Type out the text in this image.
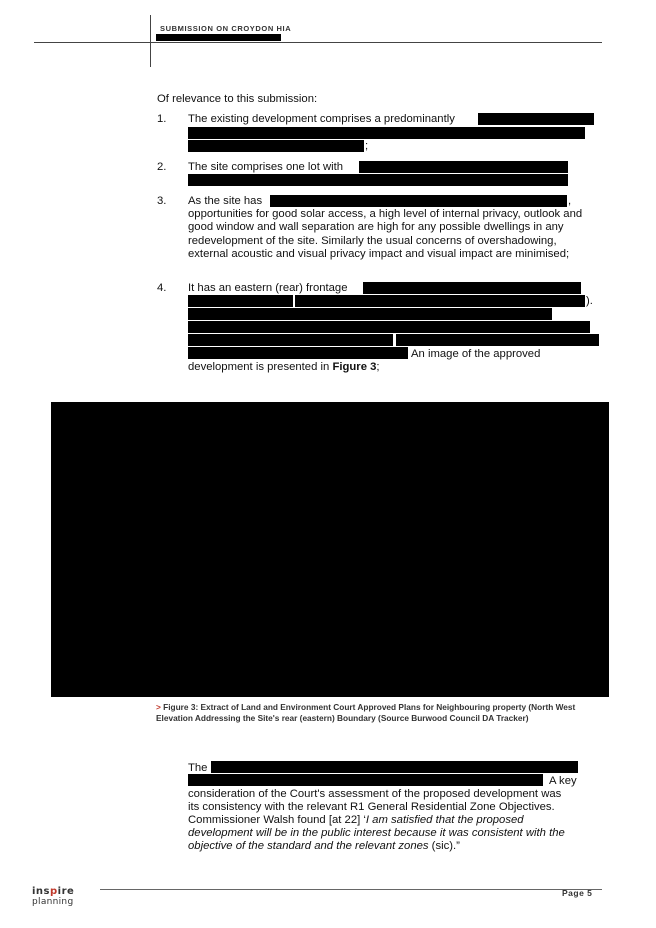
SUBMISSION ON CROYDON HIA
Of relevance to this submission:
1.	The existing development comprises a predominantly
;
2.	The site comprises one lot with
3.	As the site has	,
opportunities for good solar access, a high level of internal privacy, outlook and good window and wall separation are high for any possible dwellings in any redevelopment of the site. Similarly the usual concerns of overshadowing, external acoustic and visual privacy impact and visual impact are minimised;
4.	It has an eastern (rear) frontage
).
An image of the approved
development is presented in Figure 3;
> Figure 3: Extract of Land and Environment Court Approved Plans for Neighbouring property (North West Elevation Addressing the Site's rear (eastern) Boundary (Source Burwood Council DA Tracker)
The
A key
consideration of the Court's assessment of the proposed development was
its consistency with the relevant R1 General Residential Zone Objectives.
Commissioner Walsh found [at 22] ‘I am satisfied that the proposed
development will be in the public interest because it was consistent with the
objective of the standard and the relevant zones (sic).”
inspire
planning
Page 5
